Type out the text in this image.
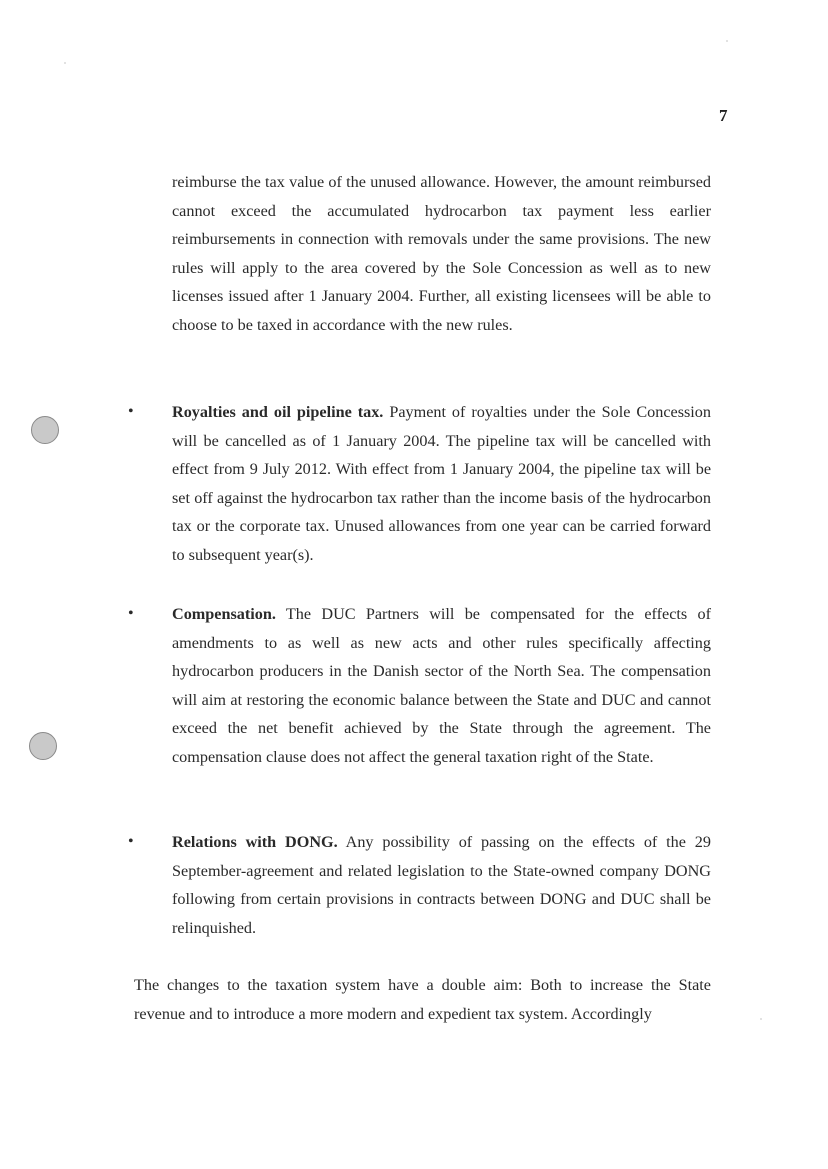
7

reimburse the tax value of the unused allowance. However, the amount reimbursed cannot exceed the accumulated hydrocarbon tax payment less earlier reimbursements in connection with removals under the same provisions. The new rules will apply to the area covered by the Sole Concession as well as to new licenses issued after 1 January 2004. Further, all existing licensees will be able to choose to be taxed in accordance with the new rules.

• Royalties and oil pipeline tax. Payment of royalties under the Sole Concession will be cancelled as of 1 January 2004. The pipeline tax will be cancelled with effect from 9 July 2012. With effect from 1 January 2004, the pipeline tax will be set off against the hydrocarbon tax rather than the income basis of the hydrocarbon tax or the corporate tax. Unused allowances from one year can be carried forward to subsequent year(s).

• Compensation. The DUC Partners will be compensated for the effects of amendments to as well as new acts and other rules specifically affecting hydrocarbon producers in the Danish sector of the North Sea. The compensation will aim at restoring the economic balance between the State and DUC and cannot exceed the net benefit achieved by the State through the agreement. The compensation clause does not affect the general taxation right of the State.

• Relations with DONG. Any possibility of passing on the effects of the 29 September-agreement and related legislation to the State-owned company DONG following from certain provisions in contracts between DONG and DUC shall be relinquished.

The changes to the taxation system have a double aim: Both to increase the State revenue and to introduce a more modern and expedient tax system. Accordingly
